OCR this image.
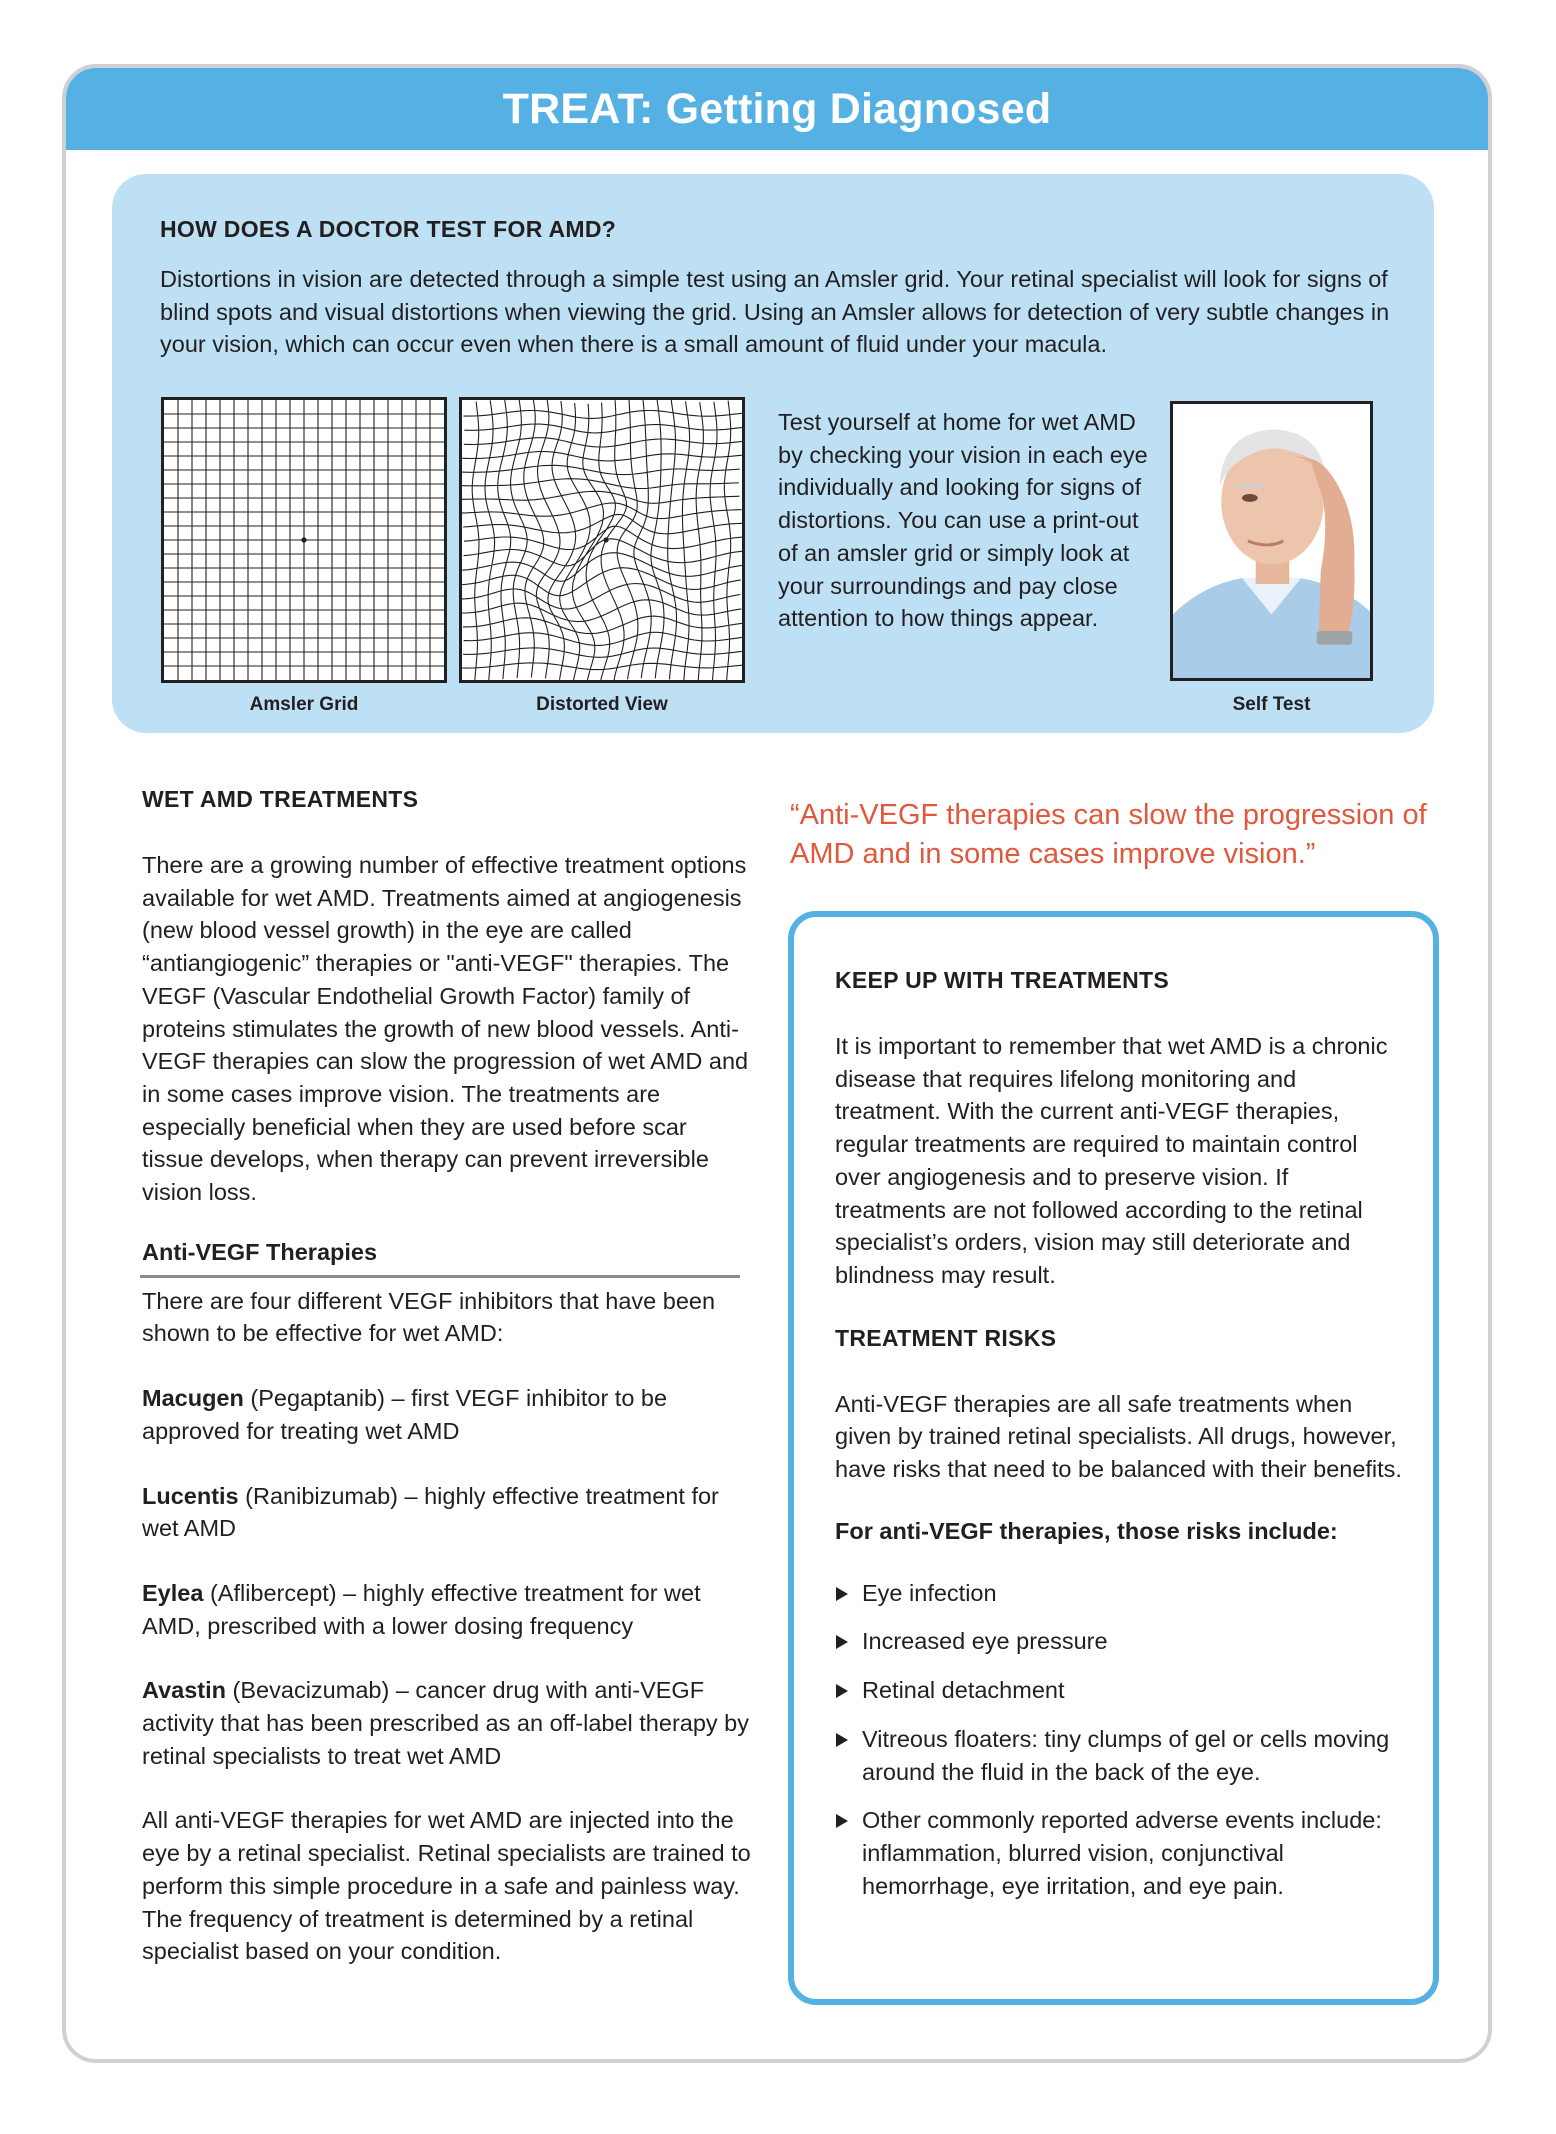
TREAT: Getting Diagnosed
HOW DOES A DOCTOR TEST FOR AMD?

Distortions in vision are detected through a simple test using an Amsler grid. Your retinal specialist will look for signs of blind spots and visual distortions when viewing the grid. Using an Amsler allows for detection of very subtle changes in your vision, which can occur even when there is a small amount of fluid under your macula.

Amsler Grid	Distorted View

Test yourself at home for wet AMD by checking your vision in each eye individually and looking for signs of distortions. You can use a print-out of an amsler grid or simply look at your surroundings and pay close attention to how things appear.

Self Test
WET AMD TREATMENTS

There are a growing number of effective treatment options available for wet AMD. Treatments aimed at angiogenesis (new blood vessel growth) in the eye are called “antiangiogenic” therapies or "anti-VEGF" therapies. The VEGF (Vascular Endothelial Growth Factor) family of proteins stimulates the growth of new blood vessels. Anti-VEGF therapies can slow the progression of wet AMD and in some cases improve vision. The treatments are especially beneficial when they are used before scar tissue develops, when therapy can prevent irreversible vision loss.

Anti-VEGF Therapies

There are four different VEGF inhibitors that have been shown to be effective for wet AMD:

Macugen (Pegaptanib) – first VEGF inhibitor to be approved for treating wet AMD

Lucentis (Ranibizumab) – highly effective treatment for wet AMD

Eylea (Aflibercept) – highly effective treatment for wet AMD, prescribed with a lower dosing frequency

Avastin (Bevacizumab) – cancer drug with anti-VEGF activity that has been prescribed as an off-label therapy by retinal specialists to treat wet AMD

All anti-VEGF therapies for wet AMD are injected into the eye by a retinal specialist. Retinal specialists are trained to perform this simple procedure in a safe and painless way. The frequency of treatment is determined by a retinal specialist based on your condition.

“Anti-VEGF therapies can slow the progression of AMD and in some cases improve vision.”

KEEP UP WITH TREATMENTS

It is important to remember that wet AMD is a chronic disease that requires lifelong monitoring and treatment. With the current anti-VEGF therapies, regular treatments are required to maintain control over angiogenesis and to preserve vision. If treatments are not followed according to the retinal specialist’s orders, vision may still deteriorate and blindness may result.

TREATMENT RISKS

Anti-VEGF therapies are all safe treatments when given by trained retinal specialists. All drugs, however, have risks that need to be balanced with their benefits.

For anti-VEGF therapies, those risks include:

Eye infection
Increased eye pressure
Retinal detachment
Vitreous floaters: tiny clumps of gel or cells moving around the fluid in the back of the eye.
Other commonly reported adverse events include: inflammation, blurred vision, conjunctival hemorrhage, eye irritation, and eye pain.
